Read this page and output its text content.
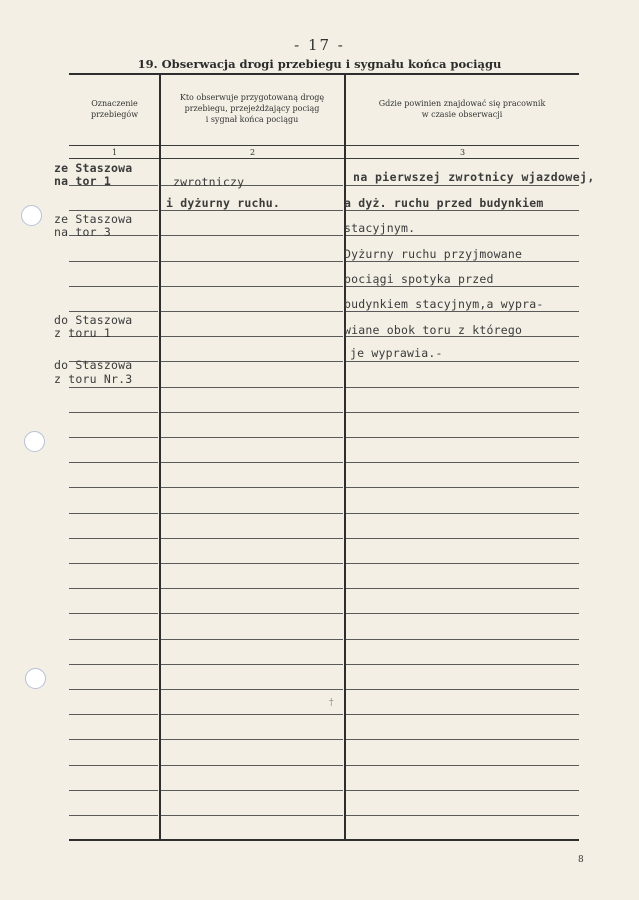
- 17 -
19. Obserwacja drogi przebiegu i sygnału końca pociągu
Oznaczenie
przebiegów
Kto obserwuje przygotowaną drogę
przebiegu, przejeżdżający pociąg
i sygnał końca pociągu
Gdzie powinien znajdować się pracownik
w czasie obserwacji
1	2	3
ze Staszowa
na tor 1
ze Staszowa
na tor 3
do Staszowa
z toru 1
do Staszowa
z toru Nr.3
zwrotniczy
i dyżurny ruchu.
na pierwszej zwrotnicy wjazdowej,
a dyż. ruchu przed budynkiem
stacyjnym.
Dyżurny ruchu przyjmowane
pociągi spotyka przed
budynkiem stacyjnym,a wypra-
wiane obok toru z którego
je wyprawia.-
†
8
